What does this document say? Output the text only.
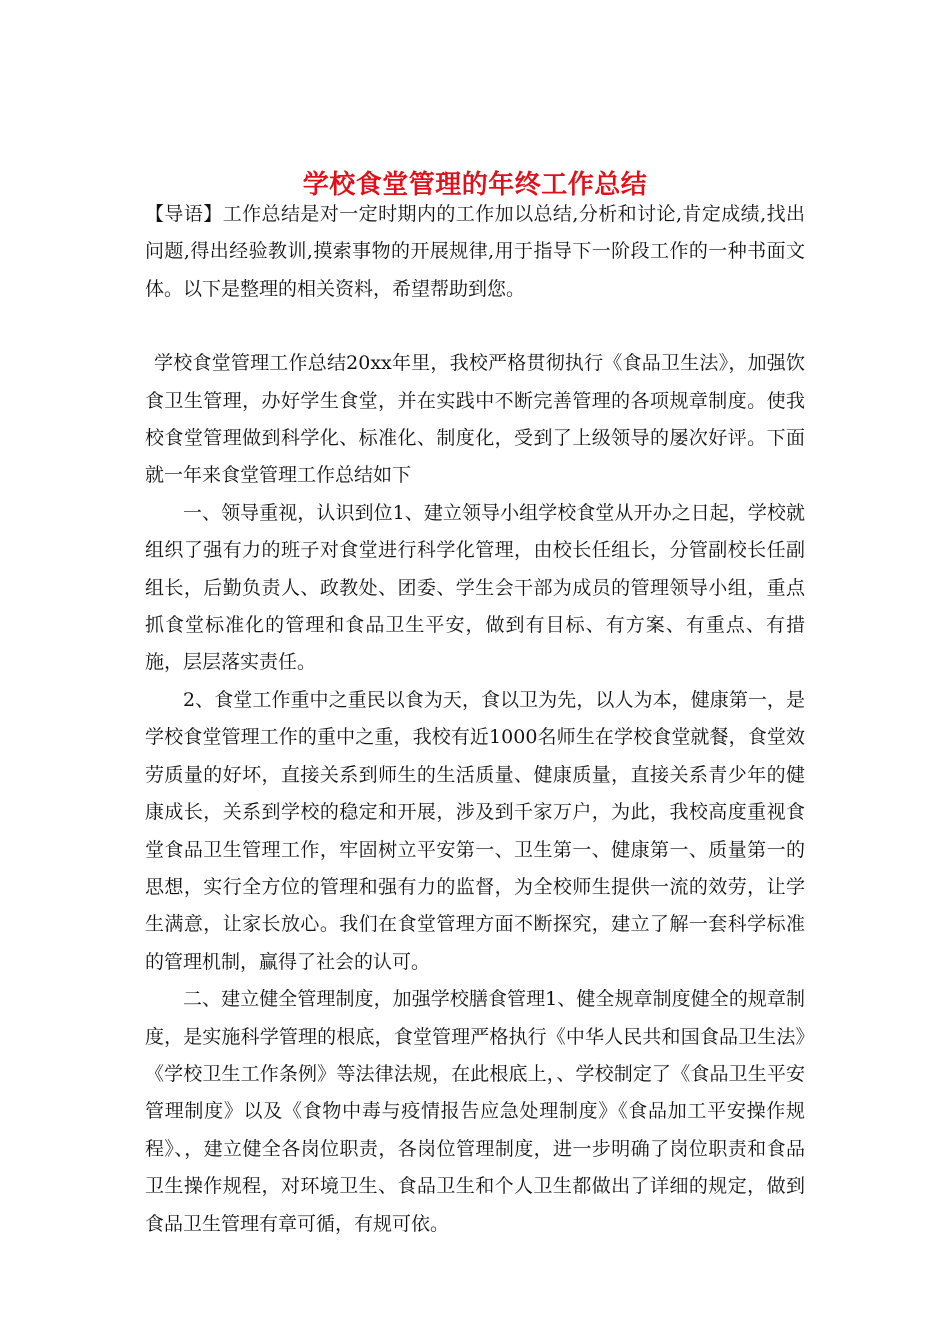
学校食堂管理的年终工作总结

【导语】工作总结是对一定时期内的工作加以总结,分析和讨论,肯定成绩,找出问题,得出经验教训,摸索事物的开展规律,用于指导下一阶段工作的一种书面文体。以下是整理的相关资料，希望帮助到您。

学校食堂管理工作总结20xx年里，我校严格贯彻执行《食品卫生法》，加强饮食卫生管理，办好学生食堂，并在实践中不断完善管理的各项规章制度。使我校食堂管理做到科学化、标准化、制度化，受到了上级领导的屡次好评。下面就一年来食堂管理工作总结如下

一、领导重视，认识到位1、建立领导小组学校食堂从开办之日起，学校就组织了强有力的班子对食堂进行科学化管理，由校长任组长，分管副校长任副组长，后勤负责人、政教处、团委、学生会干部为成员的管理领导小组，重点抓食堂标准化的管理和食品卫生平安，做到有目标、有方案、有重点、有措施，层层落实责任。

2、食堂工作重中之重民以食为天，食以卫为先，以人为本，健康第一，是学校食堂管理工作的重中之重，我校有近1000名师生在学校食堂就餐，食堂效劳质量的好坏，直接关系到师生的生活质量、健康质量，直接关系青少年的健康成长，关系到学校的稳定和开展，涉及到千家万户，为此，我校高度重视食堂食品卫生管理工作，牢固树立平安第一、卫生第一、健康第一、质量第一的思想，实行全方位的管理和强有力的监督，为全校师生提供一流的效劳，让学生满意，让家长放心。我们在食堂管理方面不断探究，建立了解一套科学标准的管理机制，赢得了社会的认可。

二、建立健全管理制度，加强学校膳食管理1、健全规章制度健全的规章制度，是实施科学管理的根底，食堂管理严格执行《中华人民共和国食品卫生法》《学校卫生工作条例》等法律法规，在此根底上，、学校制定了《食品卫生平安管理制度》以及《食物中毒与疫情报告应急处理制度》《食品加工平安操作规程》、，建立健全各岗位职责，各岗位管理制度，进一步明确了岗位职责和食品卫生操作规程，对环境卫生、食品卫生和个人卫生都做出了详细的规定，做到食品卫生管理有章可循，有规可依。
